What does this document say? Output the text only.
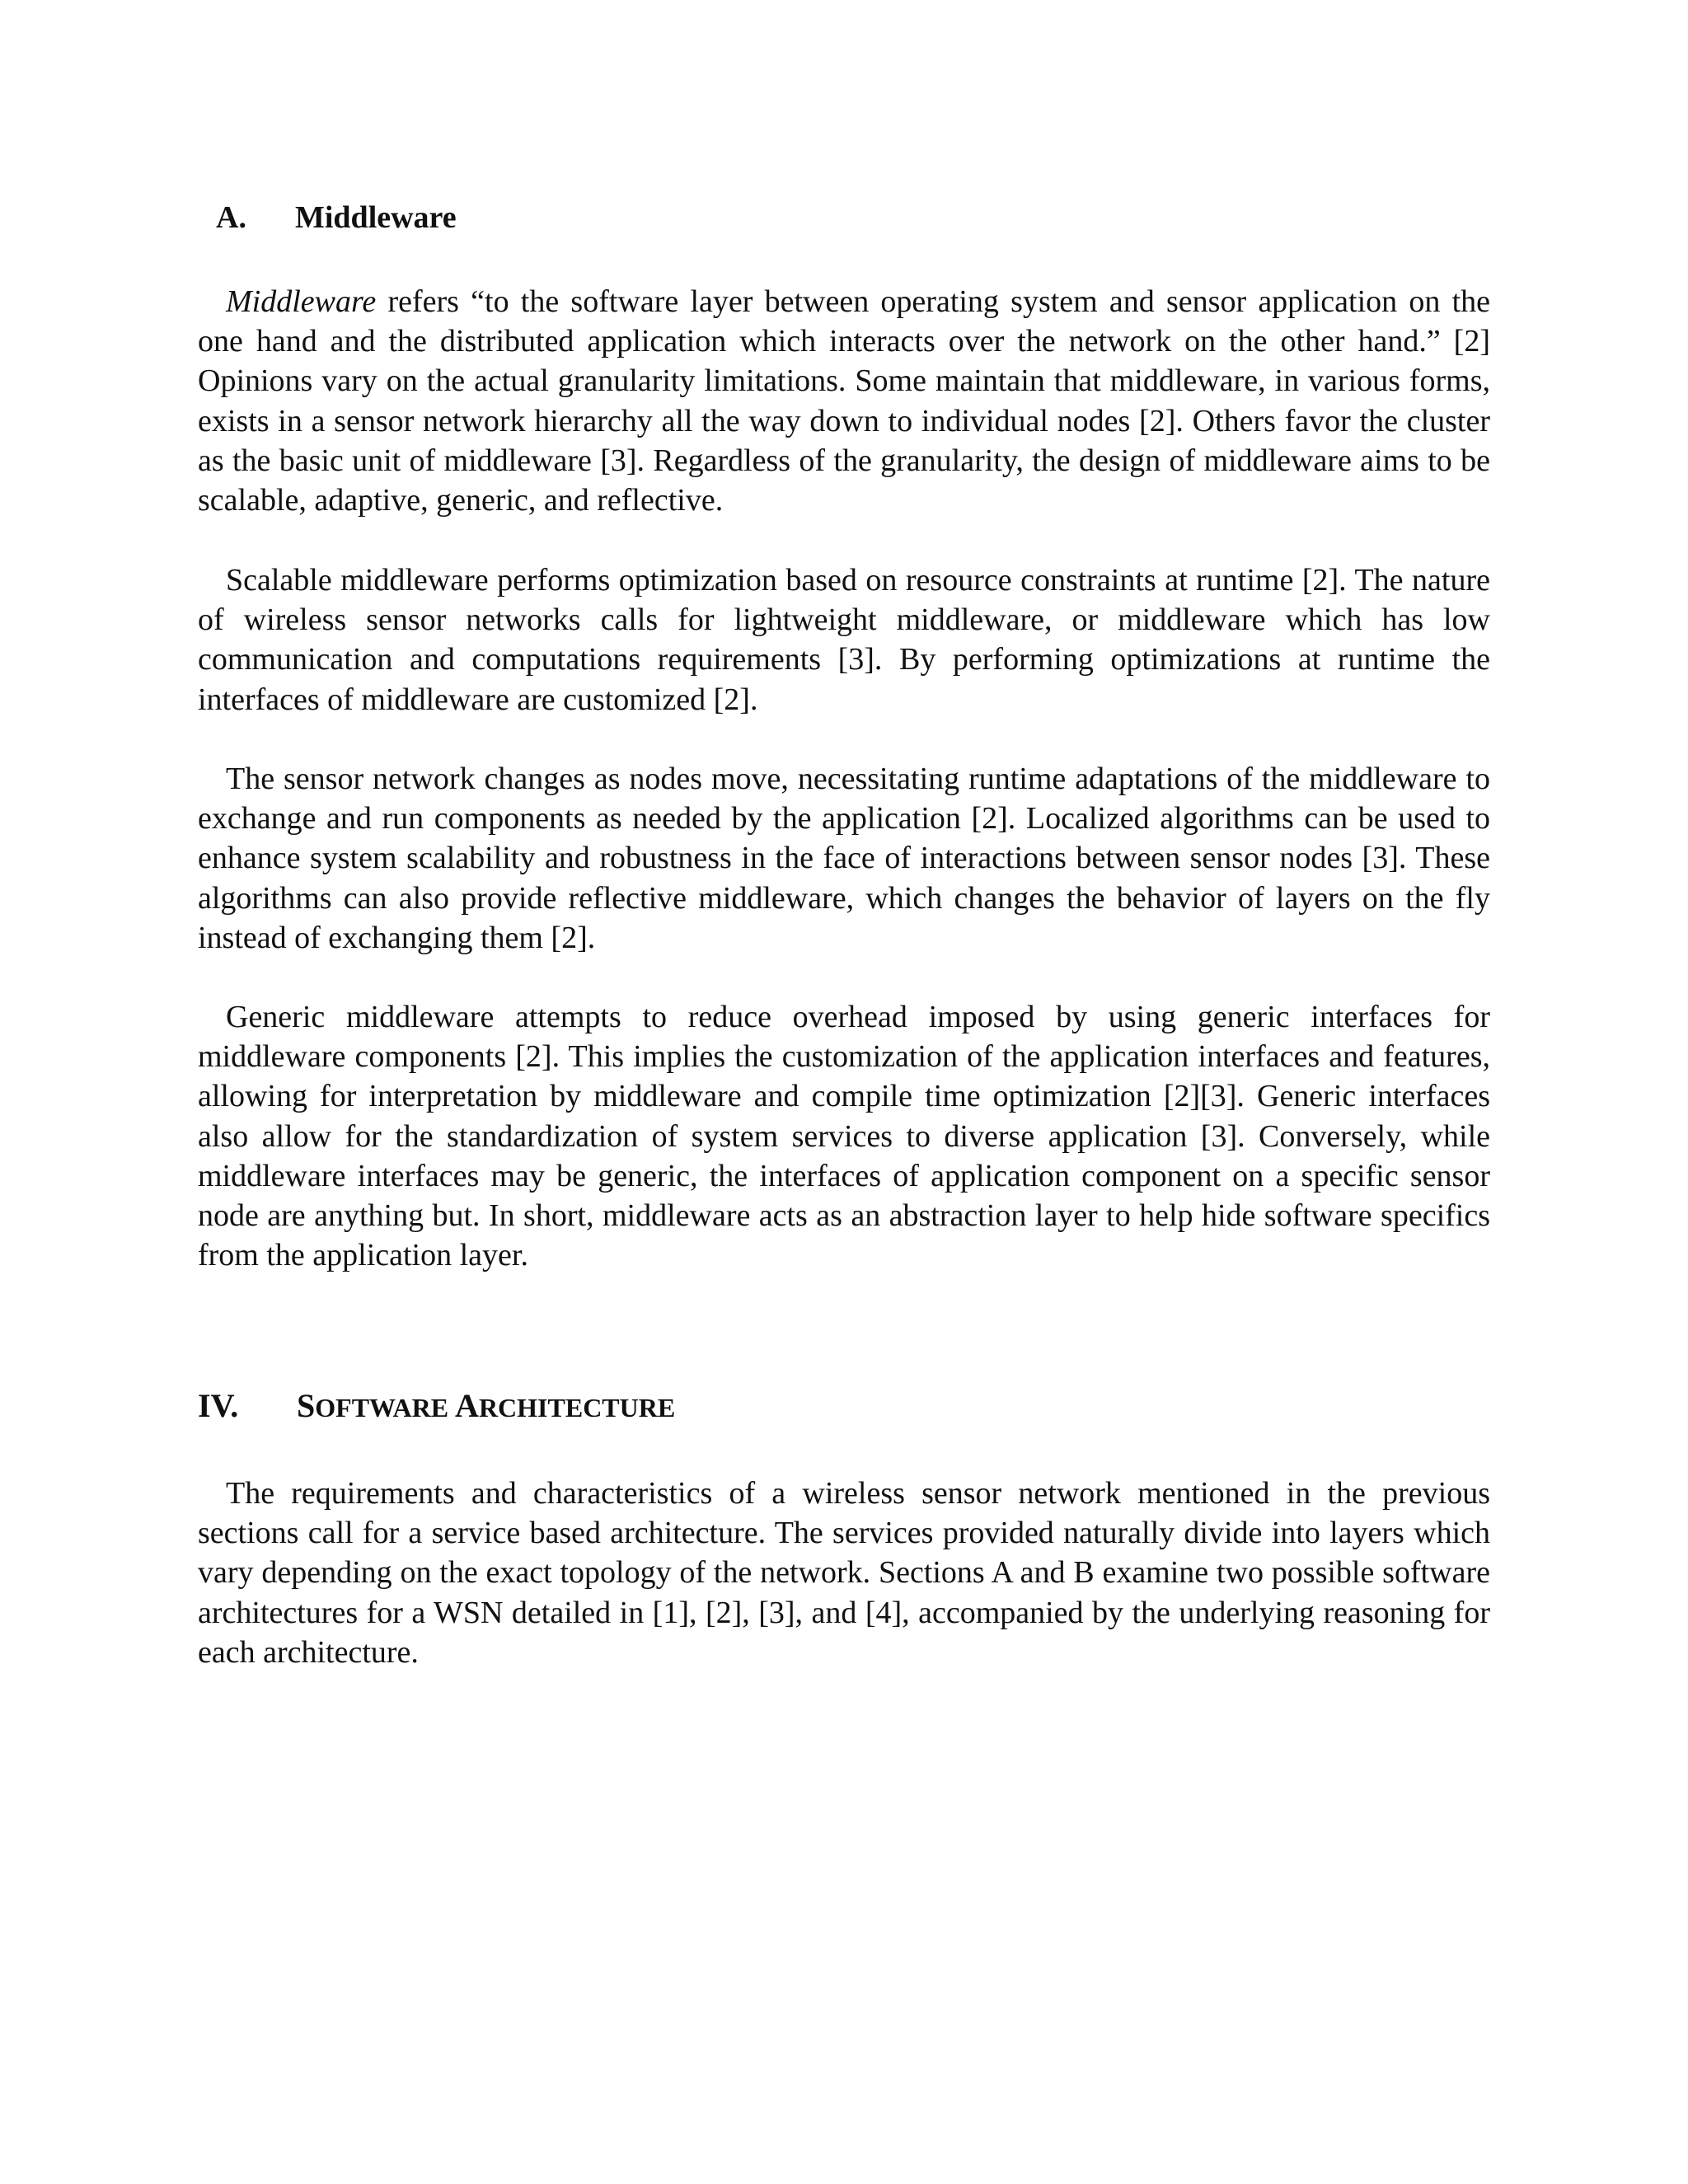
A. Middleware

Middleware refers “to the software layer between operating system and sensor application on the one hand and the distributed application which interacts over the network on the other hand.” [2] Opinions vary on the actual granularity limitations. Some maintain that middleware, in various forms, exists in a sensor network hierarchy all the way down to individual nodes [2]. Others favor the cluster as the basic unit of middleware [3]. Regardless of the granularity, the design of middleware aims to be scalable, adaptive, generic, and reflective.

Scalable middleware performs optimization based on resource constraints at runtime [2]. The nature of wireless sensor networks calls for lightweight middleware, or middleware which has low communication and computations requirements [3]. By performing optimizations at runtime the interfaces of middleware are customized [2].

The sensor network changes as nodes move, necessitating runtime adaptations of the middleware to exchange and run components as needed by the application [2]. Localized algorithms can be used to enhance system scalability and robustness in the face of interactions between sensor nodes [3]. These algorithms can also provide reflective middleware, which changes the behavior of layers on the fly instead of exchanging them [2].

Generic middleware attempts to reduce overhead imposed by using generic interfaces for middleware components [2]. This implies the customization of the application interfaces and features, allowing for interpretation by middleware and compile time optimization [2][3]. Generic interfaces also allow for the standardization of system services to diverse application [3]. Conversely, while middleware interfaces may be generic, the interfaces of application component on a specific sensor node are anything but. In short, middleware acts as an abstraction layer to help hide software specifics from the application layer.

IV. SOFTWARE ARCHITECTURE

The requirements and characteristics of a wireless sensor network mentioned in the previous sections call for a service based architecture. The services provided naturally divide into layers which vary depending on the exact topology of the network. Sections A and B examine two possible software architectures for a WSN detailed in [1], [2], [3], and [4], accompanied by the underlying reasoning for each architecture.
